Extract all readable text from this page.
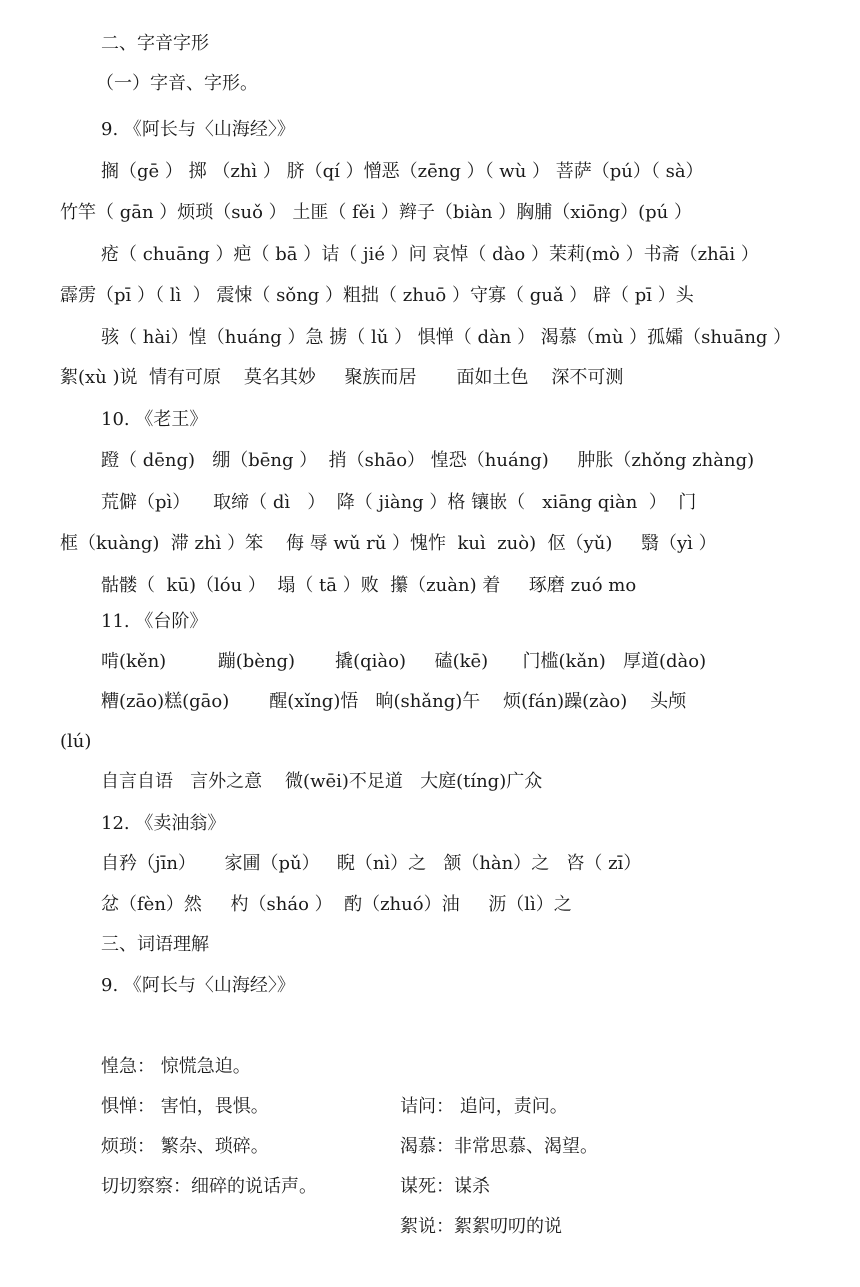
二、字音字形
（一）字音、字形。
9. 《阿长与〈山海经〉》
搁（gē ） 掷 （zhì ） 脐（qí ）憎恶（zēng ）（ wù ） 菩萨（pú）（ sà）
竹竿（ gān ）烦琐（suǒ ） 土匪（ fěi ）辫子（biàn ）胸脯（xiōng）(pú ）
疮（ chuāng ）疤（ bā ）诘（ jié ）问 哀悼（ dào ）茉莉(mò ）书斋（zhāi ）
霹雳（pī ）（ lì  ） 震悚（ sǒng ）粗拙（ zhuō ）守寡（ guǎ ） 辟（ pī ）头
骇（ hài）惶（huáng ）急 掳（ lǔ ） 惧惮（ dàn ） 渴慕（mù ）孤孀（shuāng ）
絮(xù )说  情有可原    莫名其妙     聚族而居       面如土色    深不可测
10. 《老王》
蹬（ dēng)   绷（bēng ）  捎（shāo） 惶恐（huáng)     肿胀（zhǒng zhàng)
荒僻（pì）    取缔（ dì   ）  降（ jiàng ）格 镶嵌（   xiāng qiàn  ）  门
框（kuàng)  滞 zhì ）笨    侮 辱 wǔ rǔ ）愧怍  kuì  zuò)  伛（yǔ)     翳（yì ）
骷髅（  kū)（lóu ）  塌（ tā ）败  攥（zuàn) 着     琢磨 zuó mo
11. 《台阶》
啃(kěn)         蹦(bèng)       撬(qiào)     磕(kē)      门槛(kǎn)   厚道(dào)
糟(zāo)糕(gāo)       醒(xǐng)悟   晌(shǎng)午    烦(fán)躁(zào)    头颅
(lú)
自言自语   言外之意    微(wēi)不足道   大庭(tíng)广众
12. 《卖油翁》
自矜（jīn）     家圃（pǔ）   睨（nì）之   颔（hàn）之   咨（ zī）
忿（fèn）然     杓（sháo ）  酌（zhuó）油     沥（lì）之
三、词语理解
9. 《阿长与〈山海经〉》

惶急： 惊慌急迫。

诘问： 追问，责问。

惧惮： 害怕，畏惧。

渴慕：非常思慕、渴望。

烦琐： 繁杂、琐碎。

谋死：谋杀

切切察察：细碎的说话声。

絮说：絮絮叨叨的说
